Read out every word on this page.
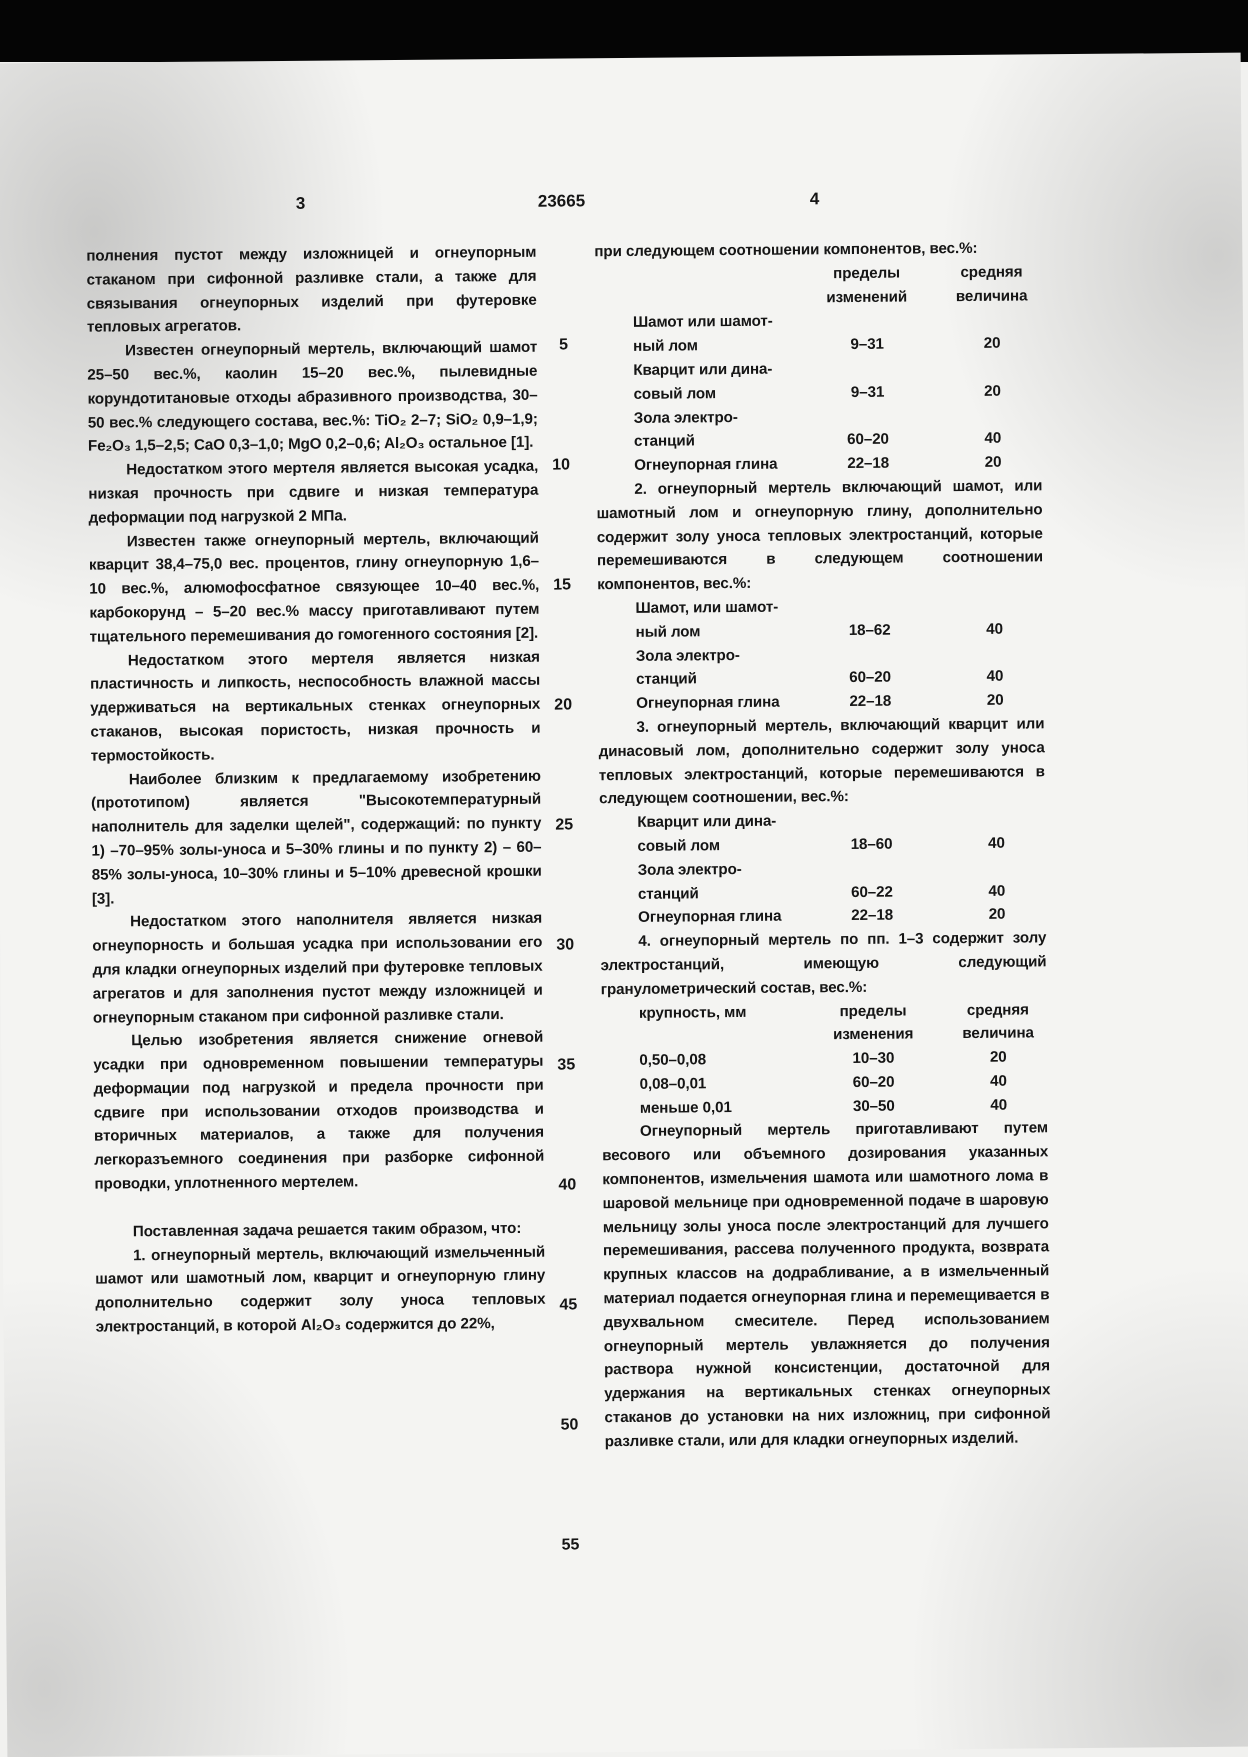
3	23665	4

полнения пустот между изложницей и огнеупорным стаканом при сифонной разливке стали, а также для связывания огнеупорных изделий при футеровке тепловых агрегатов.

Известен огнеупорный мертель, включающий шамот 25–50 вес.%, каолин 15–20 вес.%, пылевидные корундотитановые отходы абразивного производства, 30–50 вес.% следующего состава, вес.%: TiO₂ 2–7; SiO₂ 0,9–1,9; Fe₂O₃ 1,5–2,5; CaO 0,3–1,0; MgO 0,2–0,6; Al₂O₃ остальное [1].

Недостатком этого мертеля является высокая усадка, низкая прочность при сдвиге и низкая температура деформации под нагрузкой 2 МПа.

Известен также огнеупорный мертель, включающий кварцит 38,4–75,0 вес. процентов, глину огнеупорную 1,6–10 вес.%, алюмофосфатное связующее 10–40 вес.%, карбокорунд – 5–20 вес.% массу приготавливают путем тщательного перемешивания до гомогенного состояния [2].

Недостатком этого мертеля является низкая пластичность и липкость, неспособность влажной массы удерживаться на вертикальных стенках огнеупорных стаканов, высокая пористость, низкая прочность и термостойкость.

Наиболее близким к предлагаемому изобретению (прототипом) является "Высокотемпературный наполнитель для заделки щелей", содержащий: по пункту 1) –70–95% золы-уноса и 5–30% глины и по пункту 2) – 60–85% золы-уноса, 10–30% глины и 5–10% древесной крошки [3].

Недостатком этого наполнителя является низкая огнеупорность и большая усадка при использовании его для кладки огнеупорных изделий при футеровке тепловых агрегатов и для заполнения пустот между изложницей и огнеупорным стаканом при сифонной разливке стали.

Целью изобретения является снижение огневой усадки при одновременном повышении температуры деформации под нагрузкой и предела прочности при сдвиге при использовании отходов производства и вторичных материалов, а также для получения легкоразъемного соединения при разборке сифонной проводки, уплотненного мертелем.

Поставленная задача решается таким образом, что:

1. огнеупорный мертель, включающий измельченный шамот или шамотный лом, кварцит и огнеупорную глину дополнительно содержит золу уноса тепловых электростанций, в которой Al₂O₃ содержится до 22%,

5
10
15
20
25
30
35
40
45
50
55

при следующем соотношении компонентов, вес.%:

	пределы	средняя
	изменений	величина
Шамот или шамот-		
ный лом	9–31	20
Кварцит или дина-		
совый лом	9–31	20
Зола электро-		
станций	60–20	40
Огнеупорная глина	22–18	20

2. огнеупорный мертель включающий шамот, или шамотный лом и огнеупорную глину, дополнительно содержит золу уноса тепловых электростанций, которые перемешиваются в следующем соотношении компонентов, вес.%:

Шамот, или шамот-		
ный лом	18–62	40
Зола электро-		
станций	60–20	40
Огнеупорная глина	22–18	20

3. огнеупорный мертель, включающий кварцит или динасовый лом, дополнительно содержит золу уноса тепловых электростанций, которые перемешиваются в следующем соотношении, вес.%:

Кварцит или дина-		
совый лом	18–60	40
Зола электро-		
станций	60–22	40
Огнеупорная глина	22–18	20

4. огнеупорный мертель по пп. 1–3 содержит золу электростанций, имеющую следующий гранулометрический состав, вес.%:

крупность, мм	пределы	средняя
	изменения	величина
0,50–0,08	10–30	20
0,08–0,01	60–20	40
меньше 0,01	30–50	40

Огнеупорный мертель приготавливают путем весового или объемного дозирования указанных компонентов, измельчения шамота или шамотного лома в шаровой мельнице при одновременной подаче в шаровую мельницу золы уноса после электростанций для лучшего перемешивания, рассева полученного продукта, возврата крупных классов на додрабливание, а в измельченный материал подается огнеупорная глина и перемещивается в двухвальном смесителе. Перед использованием огнеупорный мертель увлажняется до получения раствора нужной консистенции, достаточной для удержания на вертикальных стенках огнеупорных стаканов до установки на них изложниц, при сифонной разливке стали, или для кладки огнеупорных изделий.
